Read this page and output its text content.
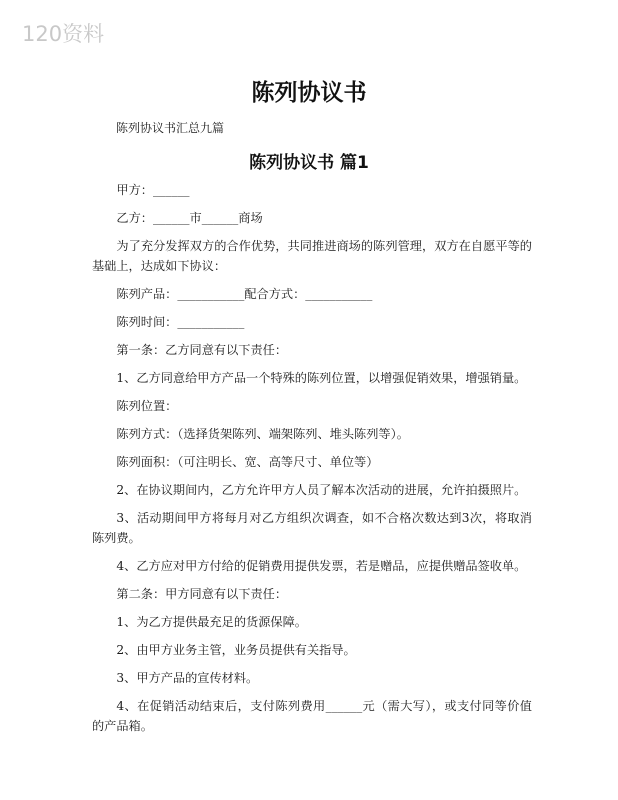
120资料
陈列协议书
陈列协议书汇总九篇
陈列协议书 篇1

甲方：______

乙方：______市______商场

为了充分发挥双方的合作优势，共同推进商场的陈列管理，双方在自愿平等的基础上，达成如下协议：

陈列产品：___________配合方式：___________

陈列时间：___________

第一条：乙方同意有以下责任：

1、乙方同意给甲方产品一个特殊的陈列位置，以增强促销效果，增强销量。

陈列位置：

陈列方式：（选择货架陈列、端架陈列、堆头陈列等）。

陈列面积：（可注明长、宽、高等尺寸、单位等）

2、在协议期间内，乙方允许甲方人员了解本次活动的进展，允许拍摄照片。

3、活动期间甲方将每月对乙方组织次调查，如不合格次数达到3次，将取消陈列费。

4、乙方应对甲方付给的促销费用提供发票，若是赠品，应提供赠品签收单。

第二条：甲方同意有以下责任：

1、为乙方提供最充足的货源保障。

2、由甲方业务主管，业务员提供有关指导。

3、甲方产品的宣传材料。

4、在促销活动结束后，支付陈列费用______元（需大写），或支付同等价值的产品箱。
